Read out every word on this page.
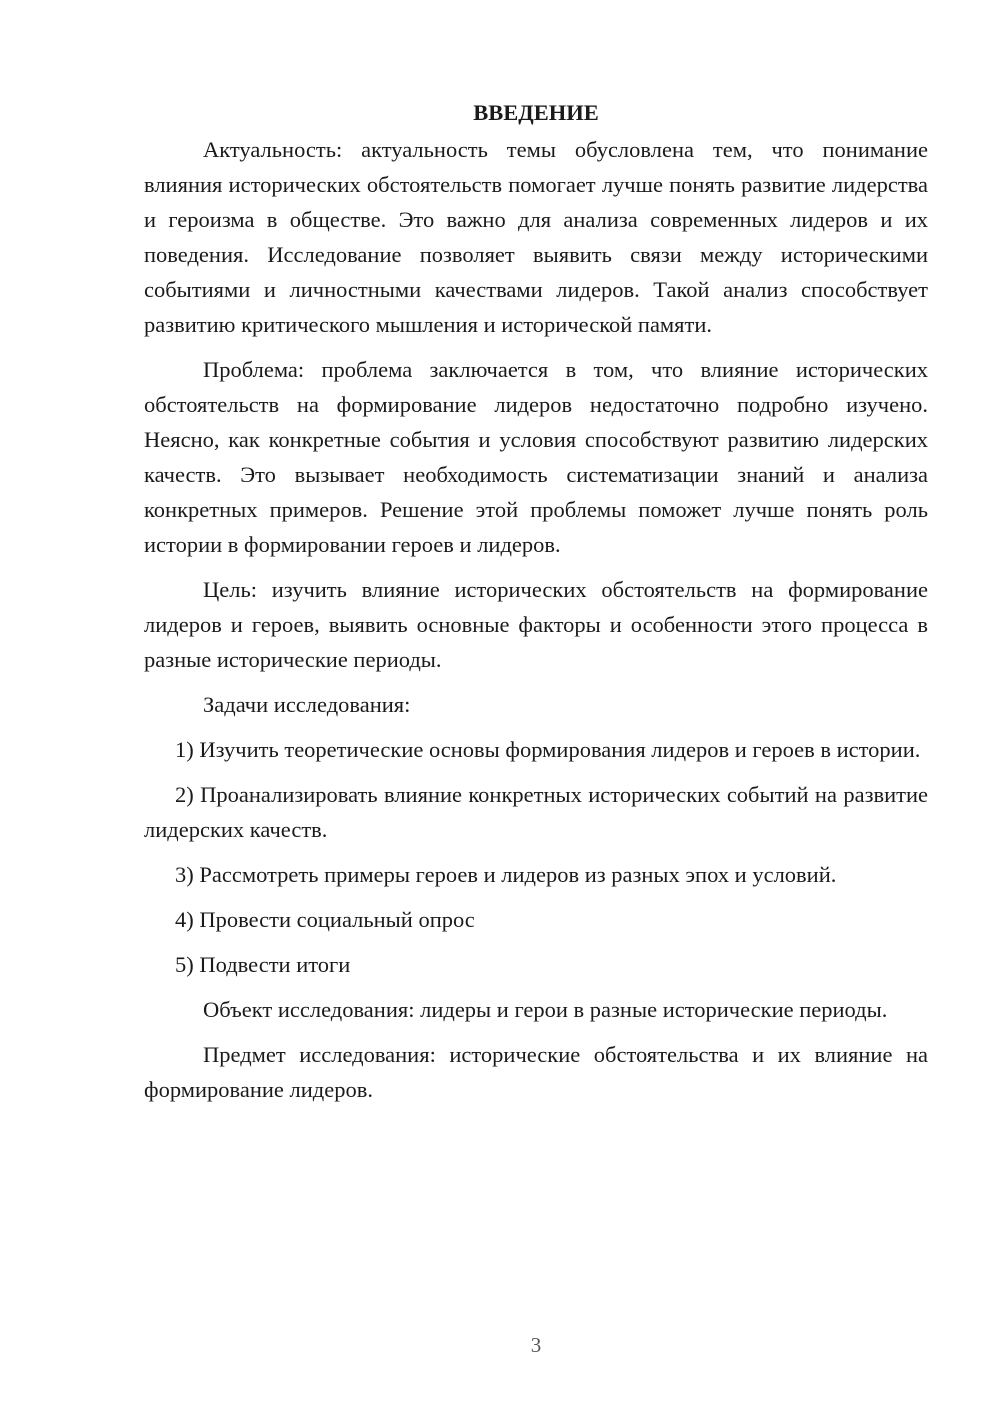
ВВЕДЕНИЕ

Актуальность: актуальность темы обусловлена тем, что понимание влияния исторических обстоятельств помогает лучше понять развитие лидерства и героизма в обществе. Это важно для анализа современных лидеров и их поведения. Исследование позволяет выявить связи между историческими событиями и личностными качествами лидеров. Такой анализ способствует развитию критического мышления и исторической памяти.

Проблема: проблема заключается в том, что влияние исторических обстоятельств на формирование лидеров недостаточно подробно изучено. Неясно, как конкретные события и условия способствуют развитию лидерских качеств. Это вызывает необходимость систематизации знаний и анализа конкретных примеров. Решение этой проблемы поможет лучше понять роль истории в формировании героев и лидеров.

Цель: изучить влияние исторических обстоятельств на формирование лидеров и героев, выявить основные факторы и особенности этого процесса в разные исторические периоды.

Задачи исследования:

1) Изучить теоретические основы формирования лидеров и героев в истории.

2) Проанализировать влияние конкретных исторических событий на развитие лидерских качеств.

3) Рассмотреть примеры героев и лидеров из разных эпох и условий.

4) Провести социальный опрос

5) Подвести итоги

Объект исследования: лидеры и герои в разные исторические периоды.

Предмет исследования: исторические обстоятельства и их влияние на формирование лидеров.

3
